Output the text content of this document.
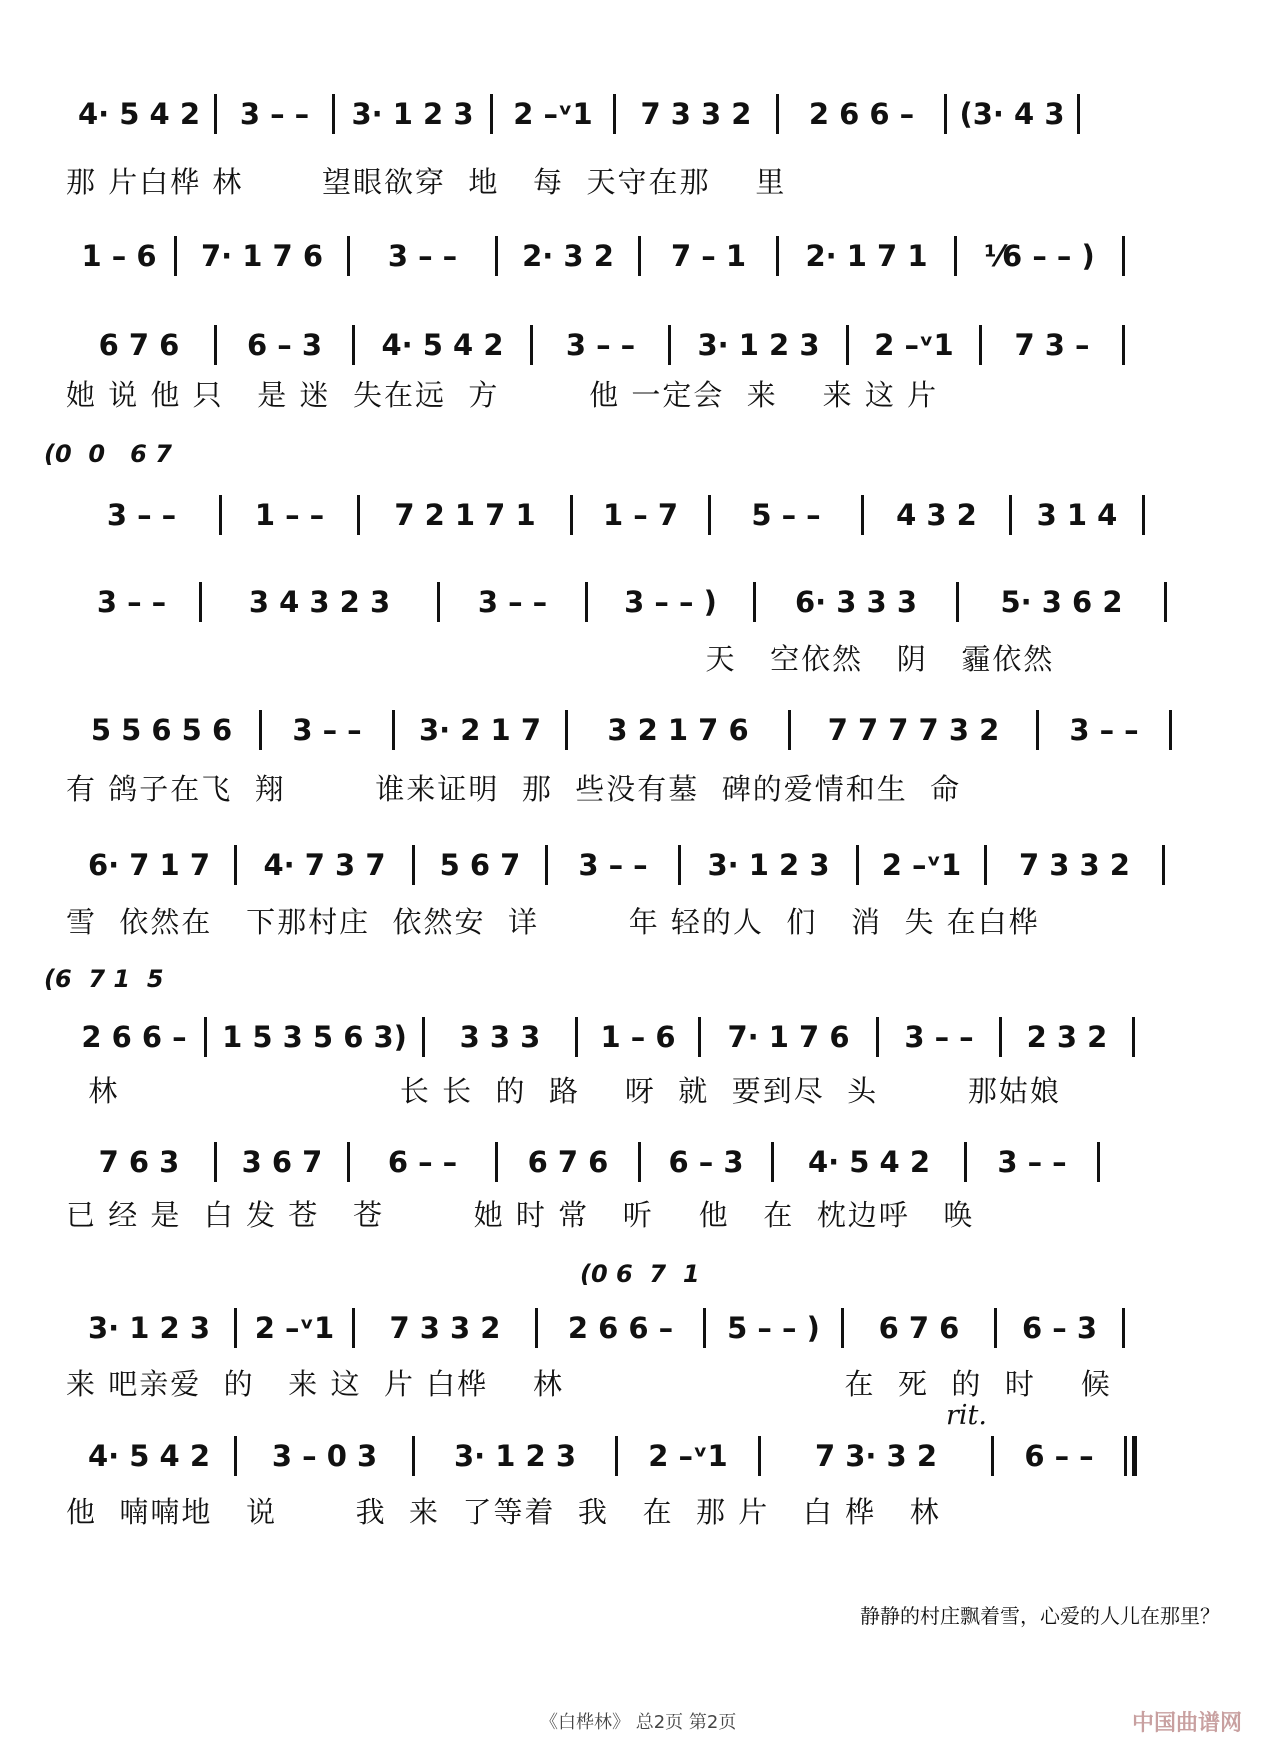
4· 5 4 2	3 – –	3· 1 2 3	2 –ᵛ1	7 3 3 2	2 6 6 –	(3· 4 3
那 片白桦 林       望眼欲穿  地   每  天守在那    里
1 – 6	7· 1 7 6	3 – –	2· 3 2	7 – 1	2· 1 7 1	⅟6 – – )
6 7 6	6 – 3	4· 5 4 2	3 – –	3· 1 2 3	2 –ᵛ1	7 3 –
她 说 他 只   是 迷  失在远  方        他 一定会  来    来 这 片
(0  0   6 7
3 – –	1 – –	7 2 1 7 1	1 – 7	5 – –	4 3 2	3 1 4
3 – –	3 4 3 2 3	3 – –	3 – – )	6· 3 3 3	5· 3 6 2
天   空依然   阴   霾依然
5 5 6 5 6	3 – –	3· 2 1 7	3 2 1 7 6	7 7 7 7 3 2	3 – –
有 鸽子在飞  翔        谁来证明  那  些没有墓  碑的爱情和生  命
6· 7 1 7	4· 7 3 7	5 6 7	3 – –	3· 1 2 3	2 –ᵛ1	7 3 3 2
雪  依然在   下那村庄  依然安  详        年 轻的人  们   消  失 在白桦
(6  7 1  5
2 6 6 –	1 5 3 5 6 3)	3 3 3	1 – 6	7· 1 7 6	3 – –	2 3 2
林                         长 长  的  路    呀  就  要到尽  头        那姑娘
7 6 3	3 6 7	6 – –	6 7 6	6 – 3	4· 5 4 2	3 – –
已 经 是  白 发 苍   苍        她 时 常   听    他   在  枕边呼   唤
(0 6  7  1
3· 1 2 3	2 –ᵛ1	7 3 3 2	2 6 6 –	5 – – )	6 7 6	6 – 3
来 吧亲爱  的   来 这  片 白桦    林                         在  死  的  时    候
rit.
4· 5 4 2	3 – 0 3	3· 1 2 3	2 –ᵛ1	7 3· 3 2	6 – –
他  喃喃地   说       我  来  了等着  我   在  那 片   白 桦   林
静静的村庄飘着雪，心爱的人儿在那里？
《白桦林》 总2页 第2页	中国曲谱网
